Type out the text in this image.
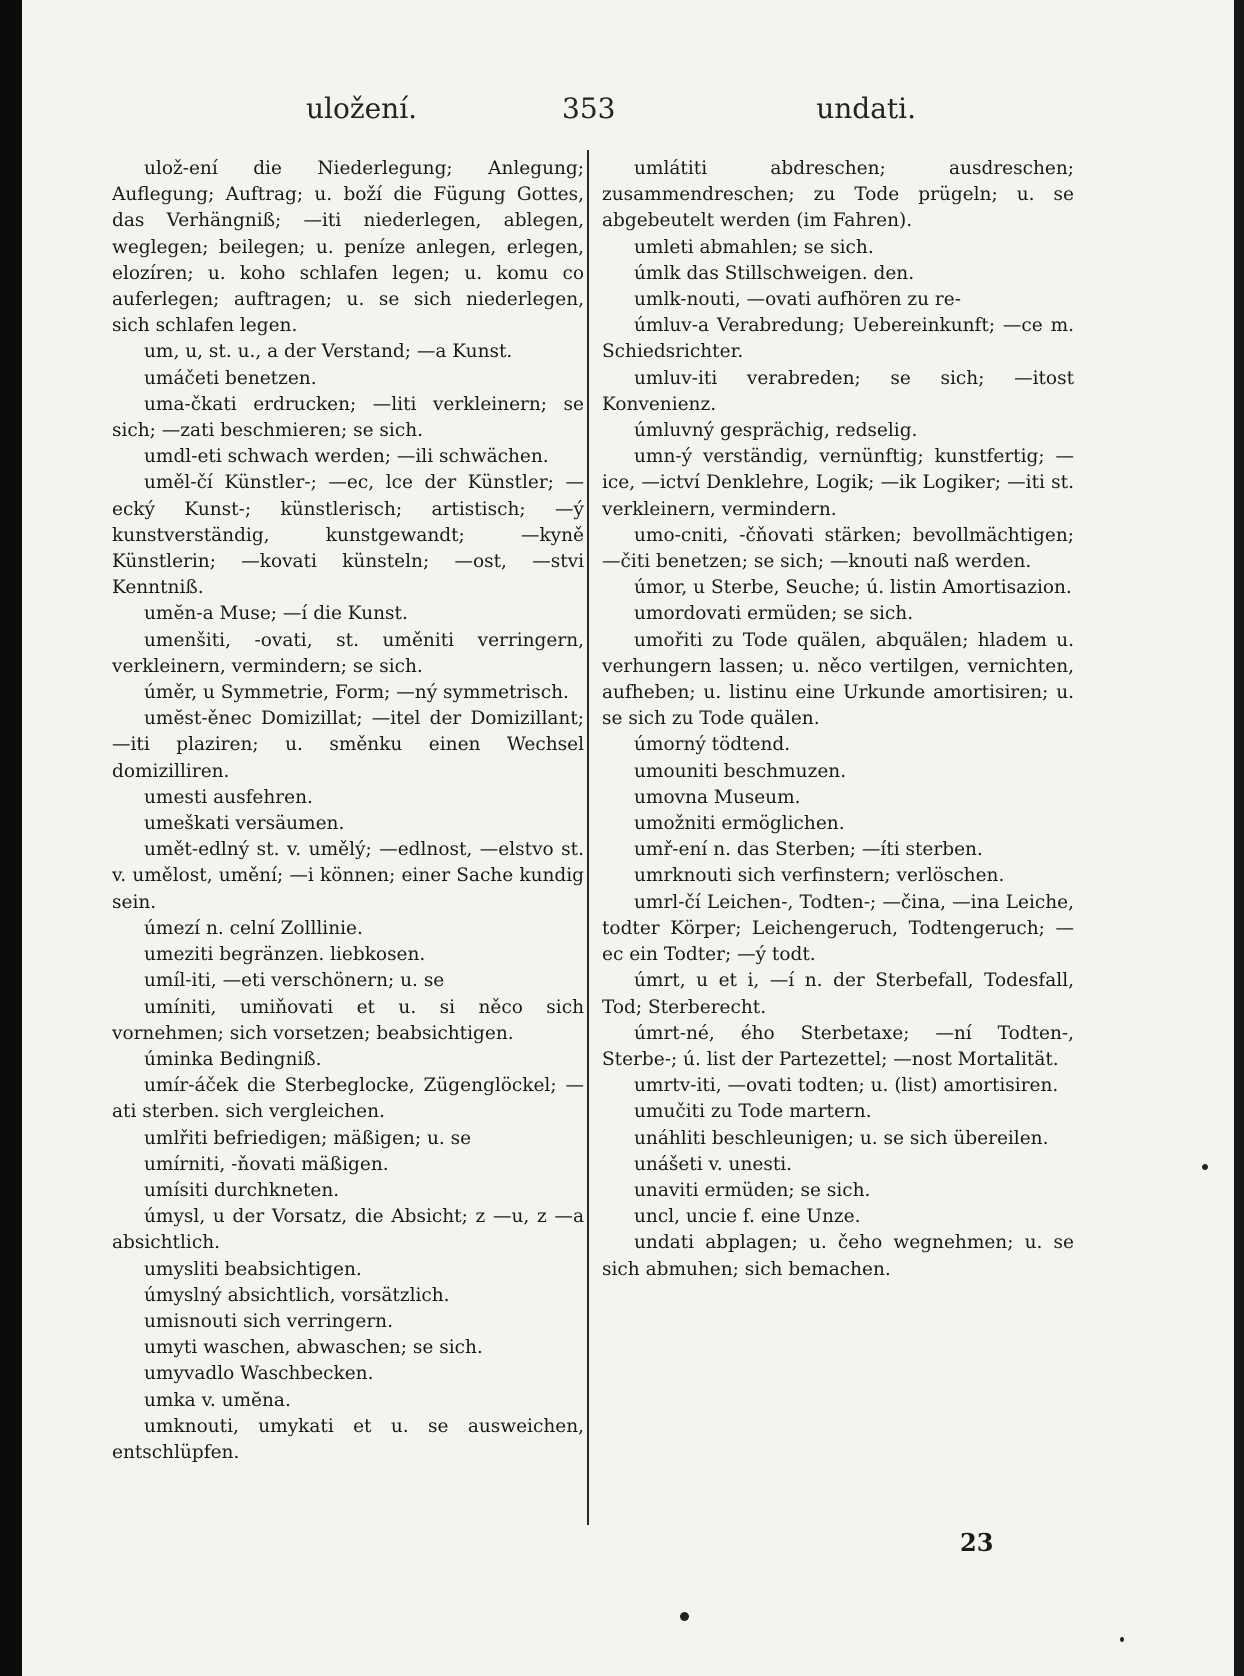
uložení.	353	undati.

ulož-ení die Niederlegung; Anlegung; Auflegung; Auftrag; u. boží die Fügung Gottes, das Verhängniß; —iti niederlegen, ablegen, weglegen; beilegen; u. peníze anlegen, erlegen, elozíren; u. koho schlafen legen; u. komu co auferlegen; auftragen; u. se sich niederlegen, sich schlafen legen.

um, u, st. u., a der Verstand; —a Kunst.

umáčeti benetzen.

uma-čkati erdrucken; —liti verkleinern; se sich; —zati beschmieren; se sich.

umdl-eti schwach werden; —ili schwächen.

uměl-čí Künstler-; —ec, lce der Künstler; —ecký Kunst-; künstlerisch; artistisch; —ý kunstverständig, kunstgewandt; —kyně Künstlerin; —kovati künsteln; —ost, —stvi Kenntniß.

umĕn-a Muse; —í die Kunst.

umenšiti, -ovati, st. uměniti verringern, verkleinern, vermindern; se sich.

úměr, u Symmetrie, Form; —ný symmetrisch.

umĕst-ěnec Domizillat; —itel der Domizillant; —iti plaziren; u. směnku einen Wechsel domizilliren.

umesti ausfehren.

umeškati versäumen.

umět-edlný st. v. umělý; —edlnost, —elstvo st. v. umělost, umění; —i können; einer Sache kundig sein.

úmezí n. celní Zolllinie.

umeziti begränzen. liebkosen.

umíl-iti, —eti verschönern; u. se

umíniti, umiňovati et u. si něco sich vornehmen; sich vorsetzen; beabsichtigen.

úminka Bedingniß.

umír-áček die Sterbeglocke, Zügenglöckel; —ati sterben. sich vergleichen.

umlřiti befriedigen; mäßigen; u. se

umírniti, -ňovati mäßigen.

umísiti durchkneten.

úmysl, u der Vorsatz, die Absicht; z —u, z —a absichtlich.

umysliti beabsichtigen.

úmyslný absichtlich, vorsätzlich.

umisnouti sich verringern.

umyti waschen, abwaschen; se sich.

umyvadlo Waschbecken.

umka v. umĕna.

umknouti, umykati et u. se ausweichen, entschlüpfen.

umlátiti abdreschen; ausdreschen; zusammendreschen; zu Tode prügeln; u. se abgebeutelt werden (im Fahren).

umleti abmahlen; se sich.

úmlk das Stillschweigen. den.

umlk-nouti, —ovati aufhören zu re-

úmluv-a Verabredung; Uebereinkunft; —ce m. Schiedsrichter.

umluv-iti verabreden; se sich; —itost Konvenienz.

úmluvný gesprächig, redselig.

umn-ý verständig, vernünftig; kunstfertig; —ice, —ictví Denklehre, Logik; —ik Logiker; —iti st. verkleinern, vermindern.

umo-cniti, -čňovati stärken; bevollmächtigen; —čiti benetzen; se sich; —knouti naß werden.

úmor, u Sterbe, Seuche; ú. listin Amortisazion.

umordovati ermüden; se sich.

umořiti zu Tode quälen, abquälen; hladem u. verhungern lassen; u. něco vertilgen, vernichten, aufheben; u. listinu eine Urkunde amortisiren; u. se sich zu Tode quälen.

úmorný tödtend.

umouniti beschmuzen.

umovna Museum.

umožniti ermöglichen.

umř-ení n. das Sterben; —íti sterben.

umrknouti sich verfinstern; verlöschen.

umrl-čí Leichen-, Todten-; —čina, —ina Leiche, todter Körper; Leichengeruch, Todtengeruch; —ec ein Todter; —ý todt.

úmrt, u et i, —í n. der Sterbefall, Todesfall, Tod; Sterberecht.

úmrt-né, ého Sterbetaxe; —ní Todten-, Sterbe-; ú. list der Partezettel; —nost Mortalität.

umrtv-iti, —ovati todten; u. (list) amortisiren.

umučiti zu Tode martern.

unáhliti beschleunigen; u. se sich übereilen.

unášeti v. unesti.

unaviti ermüden; se sich.

uncl, uncie f. eine Unze.

undati abplagen; u. čeho wegnehmen; u. se sich abmuhen; sich bemachen.

23
